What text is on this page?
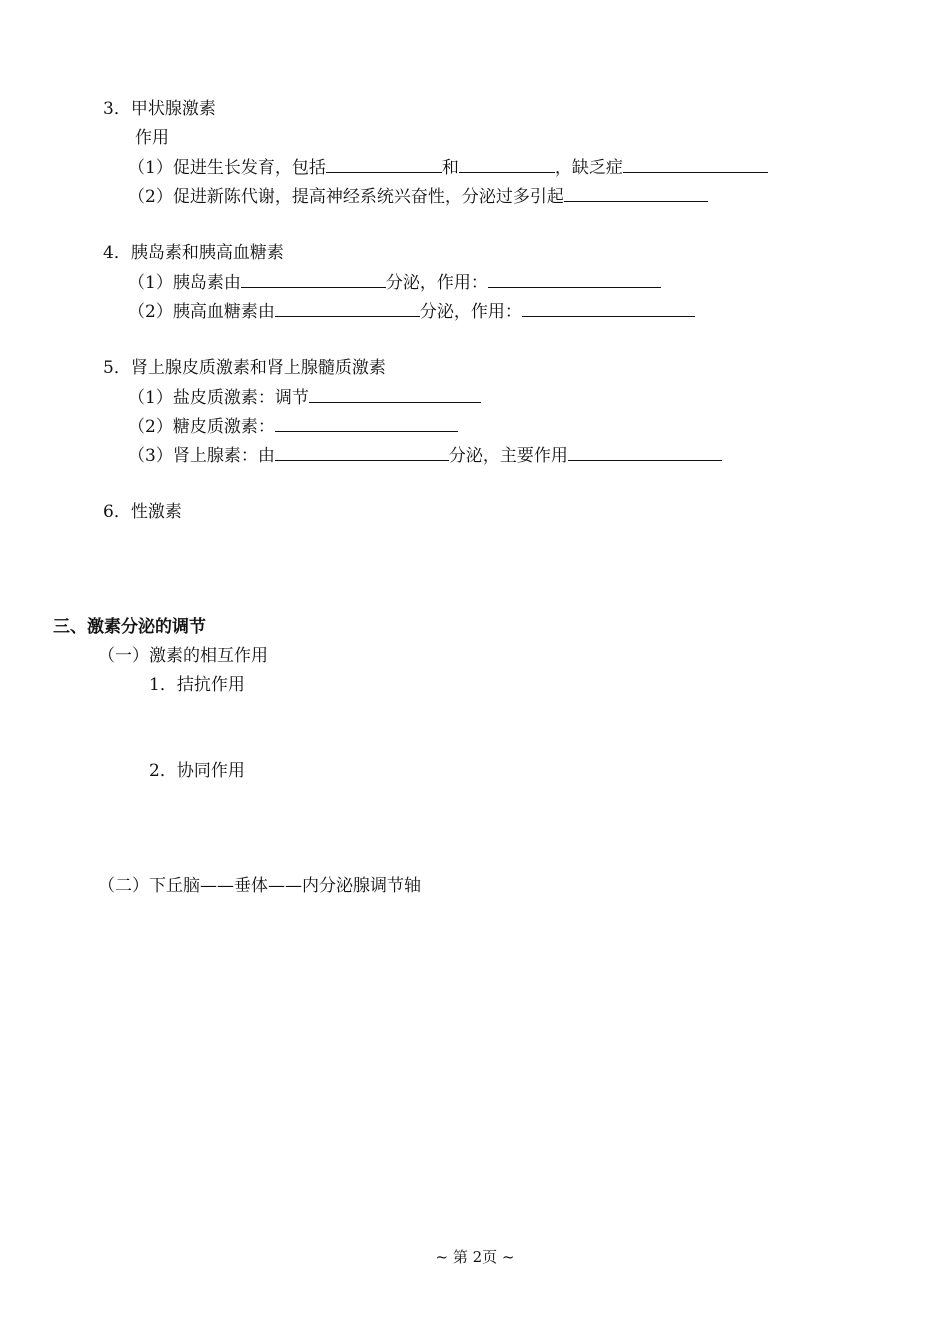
3．甲状腺激素
作用
（1）促进生长发育，包括	和	，缺乏症
（2）促进新陈代谢，提高神经系统兴奋性，分泌过多引起
4．胰岛素和胰高血糖素
（1）胰岛素由	分泌，作用：
（2）胰高血糖素由	分泌，作用：
5．肾上腺皮质激素和肾上腺髓质激素
（1）盐皮质激素：调节
（2）糖皮质激素：
（3）肾上腺素：由	分泌，主要作用
6．性激素
三、激素分泌的调节
（一）激素的相互作用
1．拮抗作用
2．协同作用
（二）下丘脑——垂体——内分泌腺调节轴
~ 第 2页 ~
